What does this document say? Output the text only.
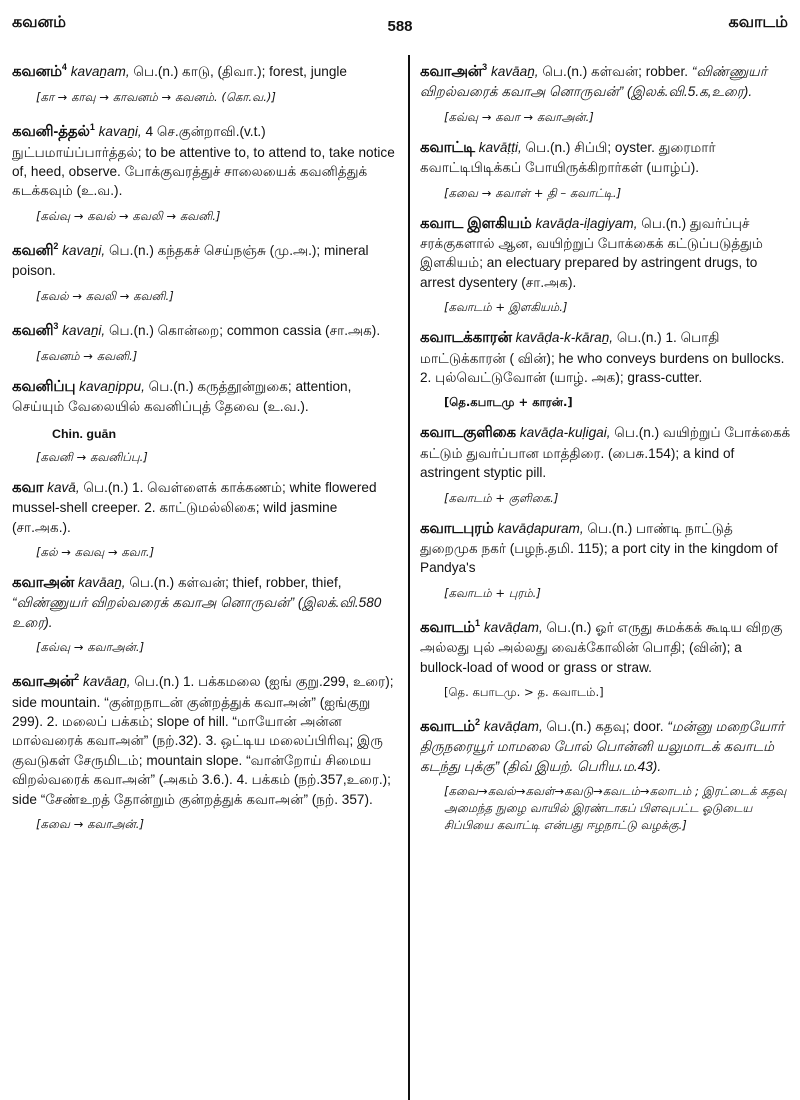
கவனம்	588	கவாடம்

கவனம்$^4$ kavaṉam, பெ.(n.) காடு, (திவா.); forest, jungle

[கா → காவு → காவனம் → கவனம். (கொ.வ.)]

கவனி-த்தல்$^1$ kavaṉi, 4 செ.குன்றாவி.(v.t.) நுட்பமாய்ப்பார்த்தல்; to be attentive to, to attend to, take notice of, heed, observe. போக்குவரத்துச் சாலையைக் கவனித்துக் கடக்கவும் (உ.வ.).

[கவ்வு → கவல் → கவலி → கவனி.]

கவனி$^2$ kavaṉi, பெ.(n.) கந்தகச் செய்நஞ்சு (மு.அ.); mineral poison.

[கவல் → கவலி → கவனி.]

கவனி$^3$ kavaṉi, பெ.(n.) கொன்றை; common cassia (சா.அக).

[கவனம் → கவனி.]

கவனிப்பு kavaṉippu, பெ.(n.) கருத்தூன்றுகை; attention, செய்யும் வேலையில் கவனிப்புத் தேவை (உ.வ.).

Chin. guān
[கவனி → கவனிப்பு.]

கவா kavā, பெ.(n.) 1. வெள்ளைக் காக்கணம்; white flowered mussel-shell creeper. 2. காட்டுமல்லிகை; wild jasmine (சா.அக.).

[கல் → கவவு → கவா.]

கவாஅன் kavāaṉ, பெ.(n.) கள்வன்; thief, robber, thief, “விண்ணுயர் விறல்வரைக் கவாஅ னொருவன்” (இலக்.வி.580 உரை).

[கவ்வு → கவாஅன்.]

கவாஅன்$^2$ kavāaṉ, பெ.(n.) 1. பக்கமலை (ஐங் குறு.299, உரை); side mountain. “குன்றநாடன் குன்றத்துக் கவாஅன்” (ஐங்குறு 299). 2. மலைப் பக்கம்; slope of hill. “மாயோன் அன்ன மால்வரைக் கவாஅன்” (நற்.32). 3. ஒட்டிய மலைப்பிரிவு; இரு குவடுகள் சேருமிடம்; mountain slope. “வான்றோய் சிமைய விறல்வரைக் கவாஅன்” (அகம் 3.6.). 4. பக்கம் (நற்.357,உரை.); side “சேண்உறத் தோன்றும் குன்றத்துக் கவாஅன்” (நற். 357).

[கவை → கவாஅன்.]

கவாஅன்$^3$ kavāaṉ, பெ.(n.) கள்வன்; robber. “விண்ணுயர் விறல்வரைக் கவாஅ னொருவன்” (இலக்.வி.5.க,உரை).

[கவ்வு → கவா → கவாஅன்.]

கவாட்டி kavāṭṭi, பெ.(n.) சிப்பி; oyster. துரைமார் கவாட்டிபிடிக்கப் போயிருக்கிறார்கள் (யாழ்ப்).

[கவை → கவாள் + தி – கவாட்டி.]

கவாட இளகியம் kavāḍa-iḷagiyam, பெ.(n.) துவர்ப்புச் சரக்குகளால் ஆன, வயிற்றுப் போக்கைக் கட்டுப்படுத்தும் இளகியம்; an electuary prepared by astringent drugs, to arrest dysentery (சா.அக).

[கவாடம் + இளகியம்.]

கவாடக்காரன் kavāḍa-k-kāraṉ, பெ.(n.) 1. பொதி மாட்டுக்காரன் ( வின்); he who conveys burdens on bullocks. 2. புல்வெட்டுவோன் (யாழ். அக); grass-cutter.

[தெ.கபாடமு + காரன்.]

கவாடகுளிகை kavāḍa-kuḷigai, பெ.(n.) வயிற்றுப் போக்கைக் கட்டும் துவர்ப்பான மாத்திரை. (பைசு.154); a kind of astringent styptic pill.

[கவாடம் + குளிகை.]

கவாடபுரம் kavāḍapuram, பெ.(n.) பாண்டி நாட்டுத் துறைமுக நகர் (பழந்.தமி. 115); a port city in the kingdom of Pandya's

[கவாடம் + புரம்.]

கவாடம்$^1$ kavāḍam, பெ.(n.) ஓர் எருது சுமக்கக் கூடிய விறகு அல்லது புல் அல்லது வைக்கோலின் பொதி; (வின்); a bullock-load of wood or grass or straw.

[தெ. கபாடமு. > த. கவாடம்.]

கவாடம்$^2$ kavāḍam, பெ.(n.) கதவு; door. “மன்னு மறையோர் திருநரையூர் மாமலை போல் பொன்னி யலுமாடக் கவாடம் கடந்து புக்கு” (திவ் இயற். பெரிய.ம.43).

[கவை→கவல்→கவள்→கவடு→கவடம்→கலாடம் ; இரட்டைக் கதவு அமைந்த நுழை வாயில் இரண்டாகப் பிளவுபட்ட ஓடுடைய சிப்பியை கவாட்டி என்பது ஈழநாட்டு வழக்கு.]
